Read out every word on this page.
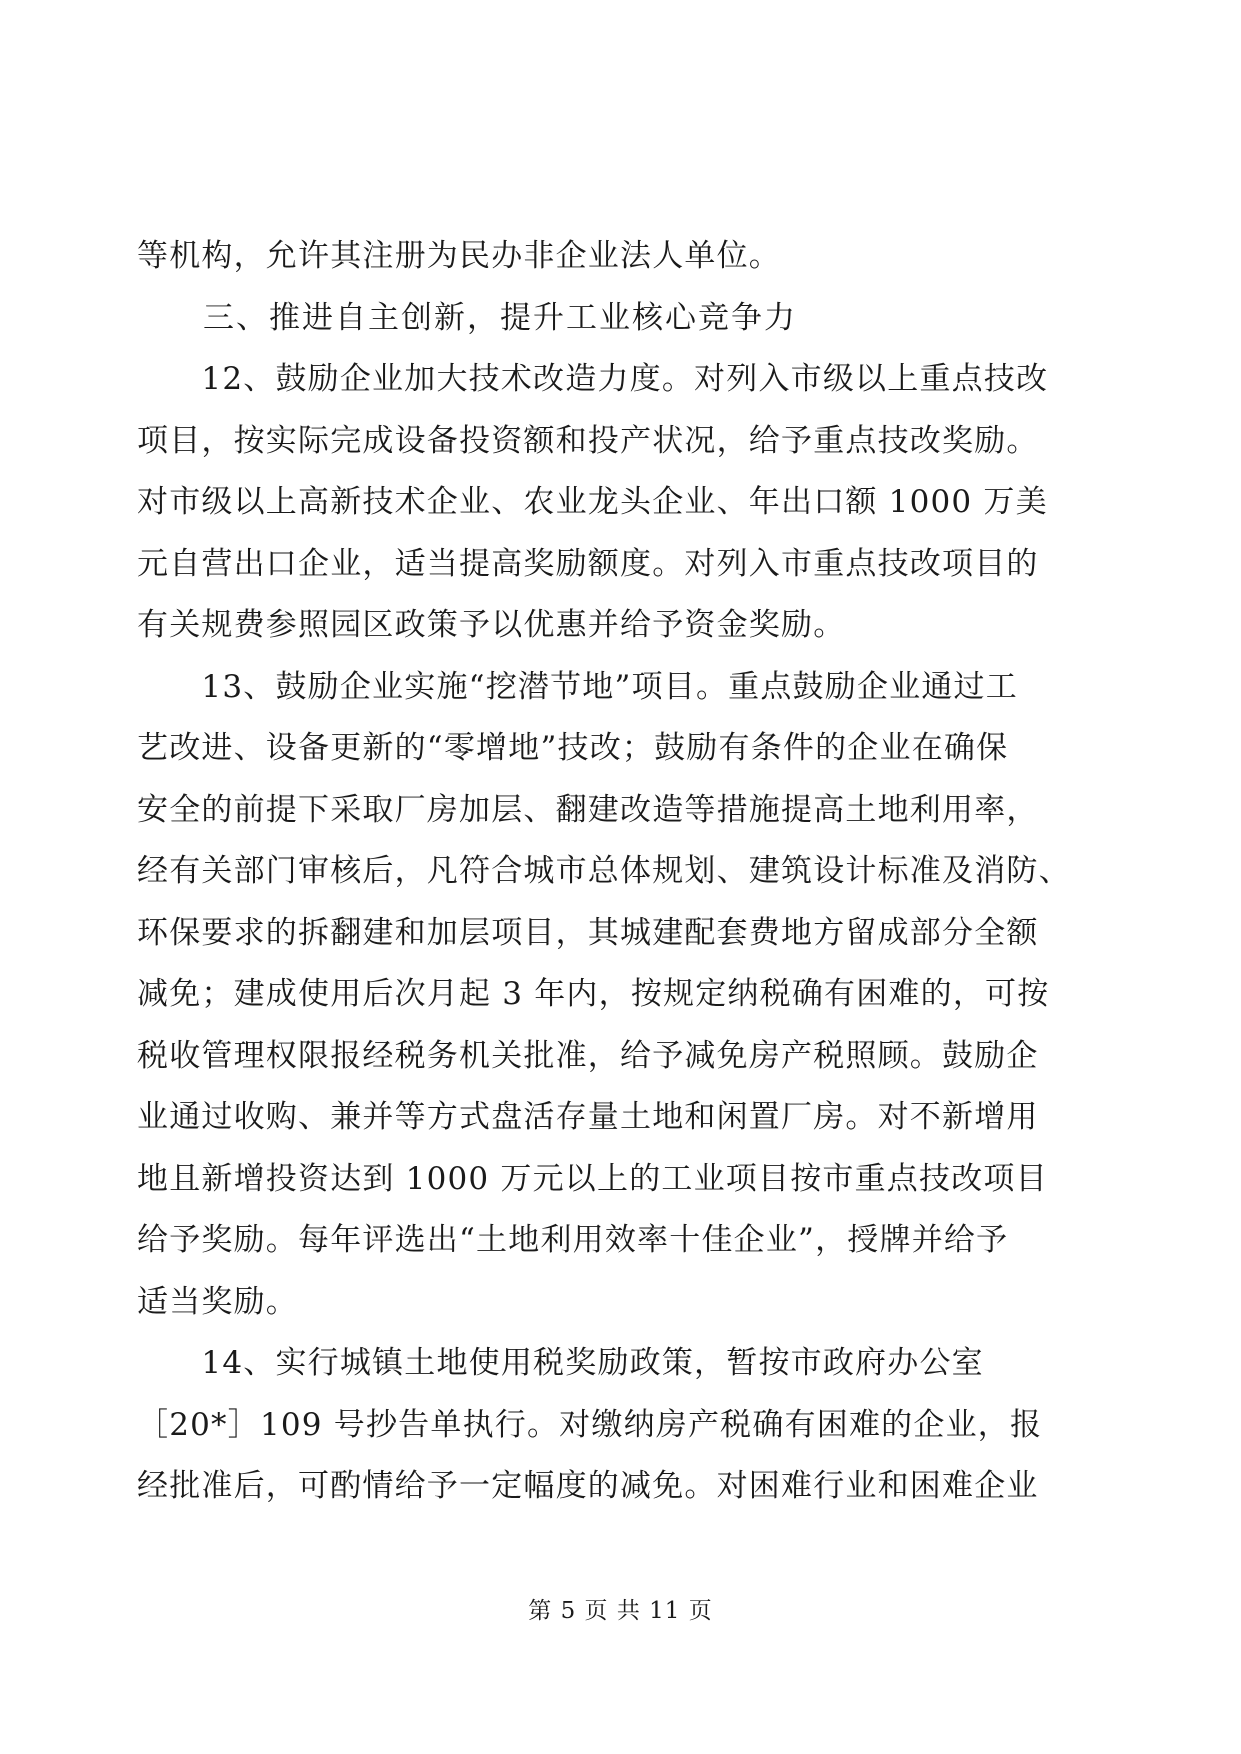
等机构，允许其注册为民办非企业法人单位。
　　三、推进自主创新，提升工业核心竞争力
　　12、鼓励企业加大技术改造力度。对列入市级以上重点技改
项目，按实际完成设备投资额和投产状况，给予重点技改奖励。
对市级以上高新技术企业、农业龙头企业、年出口额 1000 万美
元自营出口企业，适当提高奖励额度。对列入市重点技改项目的
有关规费参照园区政策予以优惠并给予资金奖励。
　　13、鼓励企业实施“挖潜节地”项目。重点鼓励企业通过工
艺改进、设备更新的“零增地”技改；鼓励有条件的企业在确保
安全的前提下采取厂房加层、翻建改造等措施提高土地利用率，
经有关部门审核后，凡符合城市总体规划、建筑设计标准及消防、
环保要求的拆翻建和加层项目，其城建配套费地方留成部分全额
减免；建成使用后次月起 3 年内，按规定纳税确有困难的，可按
税收管理权限报经税务机关批准，给予减免房产税照顾。鼓励企
业通过收购、兼并等方式盘活存量土地和闲置厂房。对不新增用
地且新增投资达到 1000 万元以上的工业项目按市重点技改项目
给予奖励。每年评选出“土地利用效率十佳企业”，授牌并给予
适当奖励。
　　14、实行城镇土地使用税奖励政策，暂按市政府办公室
［20*］109 号抄告单执行。对缴纳房产税确有困难的企业，报
经批准后，可酌情给予一定幅度的减免。对困难行业和困难企业
第 5 页 共 11 页
